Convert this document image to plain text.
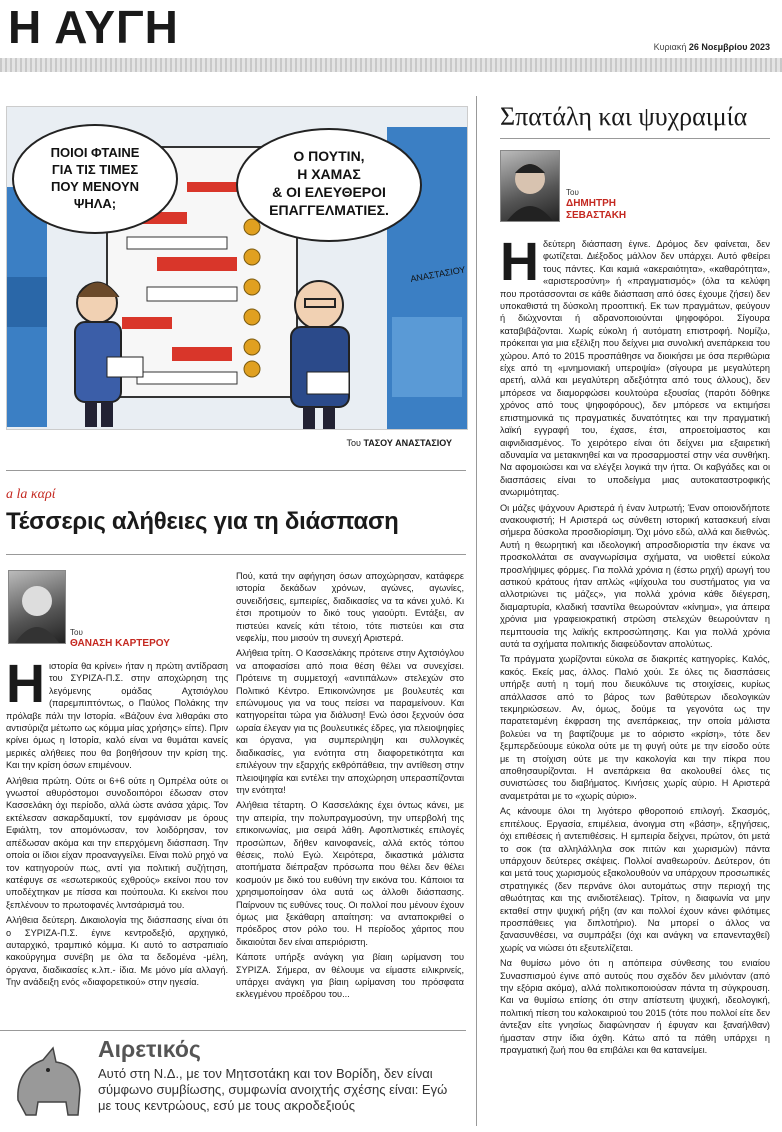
Η ΑΥΓΗ	Κυριακή 26 Νοεμβρίου 2023
ΠΟΙΟΙ ΦΤΑΙΝΕ
ΓΙΑ ΤΙΣ ΤΙΜΕΣ
ΠΟΥ ΜΕΝΟΥΝ
ΨΗΛΑ;
Ο ΠΟΥΤΙΝ,
Η ΧΑΜΑΣ
& ΟΙ ΕΛΕΥΘΕΡΟΙ
ΕΠΑΓΓΕΛΜΑΤΙΕΣ.
ΑΝΑΣΤΑΣΙΟΥ
Του ΤΑΣΟΥ ΑΝΑΣΤΑΣΙΟΥ
a la καρί
Τέσσερις αλήθειες για τη διάσπαση
Του
ΘΑΝΑΣΗ ΚΑΡΤΕΡΟΥ
Η ιστορία θα κρίνει» ήταν η πρώτη αντίδραση του ΣΥΡΙΖΑ-Π.Σ. στην αποχώρηση της λεγόμενης ομάδας Αχτσιόγλου (παρεμπιπτόντως, ο Παύλος Πολάκης την πρόλαβε πάλι την Ιστορία. «Βάζουν ένα λιθαράκι στο αντισύριζα μέτωπο ως κόμμα μίας χρήσης» είπε). Πριν κρίνει όμως η Ιστορία, καλό είναι να θυμάται κανείς μερικές αλήθειες που θα βοηθήσουν την κρίση της. Και την κρίση όσων επιμένουν.

Αλήθεια πρώτη. Ούτε οι 6+6 ούτε η Ομπρέλα ούτε οι γνωστοί αθυρόστομοι συνοδοιπόροι έδωσαν στον Κασσελάκη όχι περίοδο, αλλά ώστε ανάσα χάρις. Τον εκτέλεσαν ασκαρδαμυκτί, τον εμφάνισαν με όρους Εφιάλτη, τον απομόνωσαν, τον λοιδόρησαν, τον απέδωσαν ακόμα και την επερχόμενη διάσπαση. Την οποία οι ίδιοι είχαν προαναγγείλει. Είναι πολύ ρηχό να τον κατηγορούν πως, αντί για πολιτική συζήτηση, κατέφυγε σε «εσωτερικούς εχθρούς» εκείνοι που τον υποδέχτηκαν με πίσσα και πούπουλα. Κι εκείνοι που ξεπλένουν το πρωτοφανές λιντσάρισμά του.

Αλήθεια δεύτερη. Δικαιολογία της διάσπασης είναι ότι ο ΣΥΡΙΖΑ-Π.Σ. έγινε κεντροδεξιό, αρχηγικό, αυταρχικό, τραμπικό κόμμα. Κι αυτό το αστραπιαίο κακούργημα συνέβη με όλα τα δεδομένα -μέλη, όργανα, διαδικασίες κ.λπ.- ίδια. Με μόνο μία αλλαγή. Την ανάδειξη ενός «διαφορετικού» στην ηγεσία.

Πού, κατά την αφήγηση όσων αποχώρησαν, κατάφερε ιστορία δεκάδων χρόνων, αγώνες, αγωνίες, συνειδήσεις, εμπειρίες, διαδικασίες να τα κάνει χυλό. Κι έτσι προτιμούν το δικό τους γιαούρτι. Εντάξει, αν πιστεύει κανείς κάτι τέτοιο, τότε πιστεύει και στα νεφελίμ, που μισούν τη συνεχή Αριστερά.

Αλήθεια τρίτη. Ο Κασσελάκης πρότεινε στην Αχτσιόγλου να αποφασίσει από ποια θέση θέλει να συνεχίσει. Πρότεινε τη συμμετοχή «αντιπάλων» στελεχών στο Πολιτικό Κέντρο. Επικοινώνησε με βουλευτές και επώνυμους για να τους πείσει να παραμείνουν. Και κατηγορείται τώρα για διάλυση! Ενώ όσοι ξεχνούν όσα ωραία έλεγαν για τις βουλευτικές έδρες, για πλειοψηφίες και όργανα, για συμπεριληψη και συλλογικές διαδικασίες, για ενότητα στη διαφορετικότητα και επιλέγουν την εξαρχής εκθρόπάθεια, την αντίθεση στην πλειοψηφία και εντέλει την αποχώρηση υπερασπίζονται την ενότητα!

Αλήθεια τέταρτη. Ο Κασσελάκης έχει όντως κάνει, με την απειρία, την πολυπραγμοσύνη, την υπερβολή της επικοινωνίας, μια σειρά λάθη. Αφοπλιστικές επιλογές προσώπων, δήθεν καινοφανείς, αλλά εκτός τόπου θέσεις, πολύ Εγώ. Χειρότερα, δικαστικά μάλιστα ατοπήματα διέπραξαν πρόσωπα που θέλει δεν θέλει κοσμούν με δικό του ευθύνη την εικόνα του. Κάποιοι τα χρησιμοποίησαν όλα αυτά ως άλλοθι διάσπασης. Παίρνουν τις ευθύνες τους. Οι πολλοί που μένουν έχουν όμως μια ξεκάθαρη απαίτηση: να ανταποκριθεί ο πρόεδρος στον ρόλο του. Η περίοδος χάριτος που δικαιούται δεν είναι απεριόριστη.

Κάποτε υπήρξε ανάγκη για βίαιη ωρίμανση του ΣΥΡΙΖΑ. Σήμερα, αν θέλουμε να είμαστε ειλικρινείς, υπάρχει ανάγκη για βίαιη ωρίμανση του πρόσφατα εκλεγμένου προέδρου του...

Αιρετικός
Αυτό στη Ν.Δ., με τον Μητσοτάκη και τον Βορίδη, δεν είναι σύμφωνο συμβίωσης, συμφωνία ανοιχτής σχέσης είναι: Εγώ με τους κεντρώους, εσύ με τους ακροδεξιούς
Σπατάλη και ψυχραιμία
Του
ΔΗΜΗΤΡΗ
ΣΕΒΑΣΤΑΚΗ
Η δεύτερη διάσπαση έγινε. Δρόμος δεν φαίνεται, δεν φωτίζεται. Διέξοδος μάλλον δεν υπάρχει. Αυτό φθείρει τους πάντες. Και καμιά «ακεραιότητα», «καθαρότητα», «αριστεροσύνη» ή «πραγματισμός» (όλα τα κελύφη που προτάσσονται σε κάθε διάσπαση από όσες έχουμε ζήσει) δεν υποκαθιστά τη δύσκολη προοπτική. Εκ των πραγμάτων, φεύγουν ή διώχνονται ή αδρανοποιούνται ψηφοφόροι. Σίγουρα καταβιβάζονται. Χωρίς εύκολη ή αυτόματη επιστροφή. Νομίζω, πρόκειται για μια εξέλιξη που δείχνει μια συνολική ανεπάρκεια του χώρου. Από το 2015 προσπάθησε να διοικήσει με όσα περιθώρια είχε από τη «μνημονιακή υπεροψία» (σίγουρα με μεγαλύτερη αρετή, αλλά και μεγαλύτερη αδεξιότητα από τους άλλους), δεν μπόρεσε να διαμορφώσει κουλτούρα εξουσίας (παρότι δόθηκε χρόνος από τους ψηφοφόρους), δεν μπόρεσε να εκτιμήσει επιστημονικά τις πραγματικές δυνατότητες και την πραγματική λαϊκή εγγραφή του, έχασε, έτσι, απροετοίμαστος και αιφνιδιασμένος. Το χειρότερο είναι ότι δείχνει μια εξαιρετική αδυναμία να μετακινηθεί και να προσαρμοστεί στην νέα συνθήκη. Να αφομοιώσει και να ελέγξει λογικά την ήττα. Οι καβγάδες και οι διασπάσεις είναι το υποδείγμα μιας αυτοκαταστροφικής ανωριμότητας.

Οι μάζες ψάχνουν Αριστερά ή έναν λυτρωτή; Έναν οποιονδήποτε ανακουφιστή; Η Αριστερά ως σύνθετη ιστορική κατασκευή είναι σήμερα δύσκολα προσδιορίσιμη. Όχι μόνο εδώ, αλλά και διεθνώς. Αυτή η θεωρητική και ιδεολογική απροσδιοριστία την έκανε να προσκολλάται σε αναγνωρίσιμα σχήματα, να υιοθετεί εύκολα προσλήψιμες φόρμες. Για πολλά χρόνια η (έστω ρηχή) αρωγή του αστικού κράτους ήταν απλώς «ψίχουλα του συστήματος για να αλλοτριώνει τις μάζες», για πολλά χρόνια κάθε διέγερση, διαμαρτυρία, κλαδική τσαντίλα θεωρούνταν «κίνημα», για άπειρα χρόνια μια γραφειοκρατική στρώση στελεχών θεωρούνταν η πεμπτουσία της λαϊκής εκπροσώπησης. Και για πολλά χρόνια αυτά τα σχήματα πολιτικής διαφεύδονταν απολύτως.

Τα πράγματα χωρίζονται εύκολα σε διακριτές κατηγορίες. Καλός, κακός. Εκείς μας, άλλος. Παλιό χούι. Σε όλες τις διασπάσεις υπήρξε αυτή η τομή που διευκόλυνε τις στοιχίσεις, κυρίως απάλλασσε από το βάρος των βαθύτερων ιδεολογικών τεκμηριώσεων. Αν, όμως, δούμε τα γεγονότα ως την παρατεταμένη έκφραση της ανεπάρκειας, την οποία μάλιστα βολεύει να τη βαφτίζουμε με το αόριστο «κρίση», τότε δεν ξεμπερδεύουμε εύκολα ούτε με τη φυγή ούτε με την είσοδο ούτε με τη στοίχιση ούτε με την κακολογία και την πίκρα που αποθησαυρίζονται. Η ανεπάρκεια θα ακολουθεί όλες τις συνιστώσες του διαβήματος. Κινήσεις χωρίς αύριο. Η Αριστερά αναμετράται με το «χωρίς αύριο».

Ας κάνουμε όλοι τη λιγότερο φθοροποιό επιλογή. Σκασμός, επιτέλους. Εργασία, επιμέλεια, άνοιγμα στη «βάση», εξηγήσεις, όχι επιθέσεις ή αντεπιθέσεις. Η εμπειρία δείχνει, πρώτον, ότι μετά το σοκ (τα αλληλάλληλα σοκ πιτών και χωρισμών) πάντα υπάρχουν δεύτερες σκέψεις. Πολλοί αναθεωρούν. Δεύτερον, ότι και μετά τους χωρισμούς εξακολουθούν να υπάρχουν προσωπικές στρατηγικές (δεν περνάνε όλοι αυτομάτως στην περιοχή της αθωότητας και της ανιδιοτέλειας). Τρίτον, η διαφωνία να μην εκταθεί στην ψυχική ρήξη (αν και πολλοί έχουν κάνει φιλότιμες προσπάθειες για διπλοτήριο). Να μπορεί ο άλλος να ξανασυνθέσει, να συμπράξει (όχι και ανάγκη να επανενταχθεί) χωρίς να νιώσει ότι εξευτελίζεται.

Να θυμίσω μόνο ότι η απόπειρα σύνθεσης του ενιαίου Συνασπισμού έγινε από αυτούς που σχεδόν δεν μιλιόνταν (από την εξόρια ακόμα), αλλά πολιτικοποιούσαν πάντα τη σύγκρουση. Και να θυμίσω επίσης ότι στην απίστευτη ψυχική, ιδεολογική, πολιτική πίεση του καλοκαιριού του 2015 (τότε που πολλοί είτε δεν άντεξαν είτε γνησίως διαφώνησαν ή έφυγαν και ξαναήλθαν) ήμασταν στην ίδια όχθη. Κάτω από τα πάθη υπάρχει η πραγματική ζωή που θα επιβάλει και θα κατανείμει.
